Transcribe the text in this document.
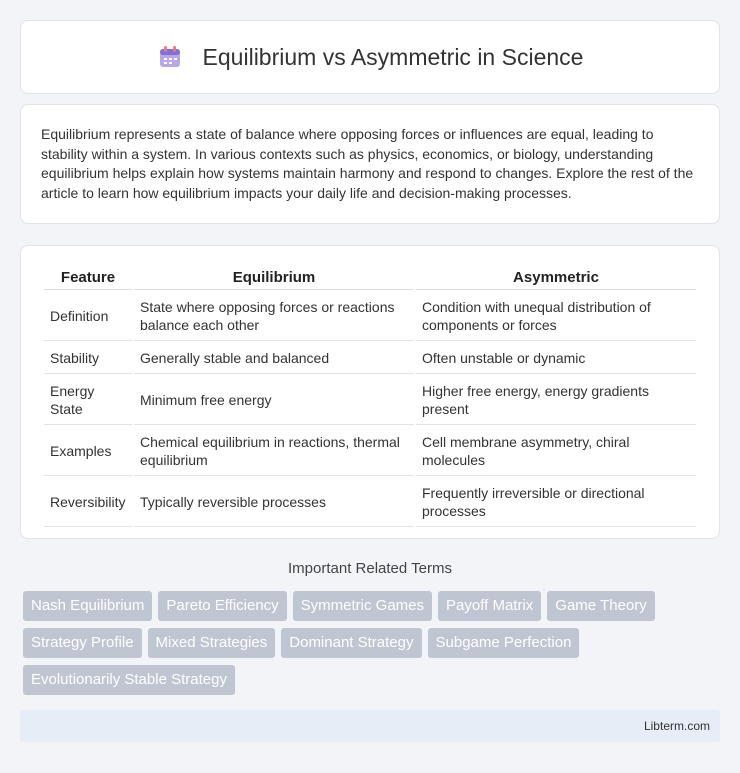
Equilibrium vs Asymmetric in Science

Equilibrium represents a state of balance where opposing forces or influences are equal, leading to stability within a system. In various contexts such as physics, economics, or biology, understanding equilibrium helps explain how systems maintain harmony and respond to changes. Explore the rest of the article to learn how equilibrium impacts your daily life and decision-making processes.

Feature	Equilibrium	Asymmetric
Definition	State where opposing forces or reactions balance each other	Condition with unequal distribution of components or forces
Stability	Generally stable and balanced	Often unstable or dynamic
Energy State	Minimum free energy	Higher free energy, energy gradients present
Examples	Chemical equilibrium in reactions, thermal equilibrium	Cell membrane asymmetry, chiral molecules
Reversibility	Typically reversible processes	Frequently irreversible or directional processes
Important Related Terms
Nash Equilibrium	Pareto Efficiency	Symmetric Games	Payoff Matrix	Game Theory
Strategy Profile	Mixed Strategies	Dominant Strategy	Subgame Perfection
Evolutionarily Stable Strategy
Libterm.com
